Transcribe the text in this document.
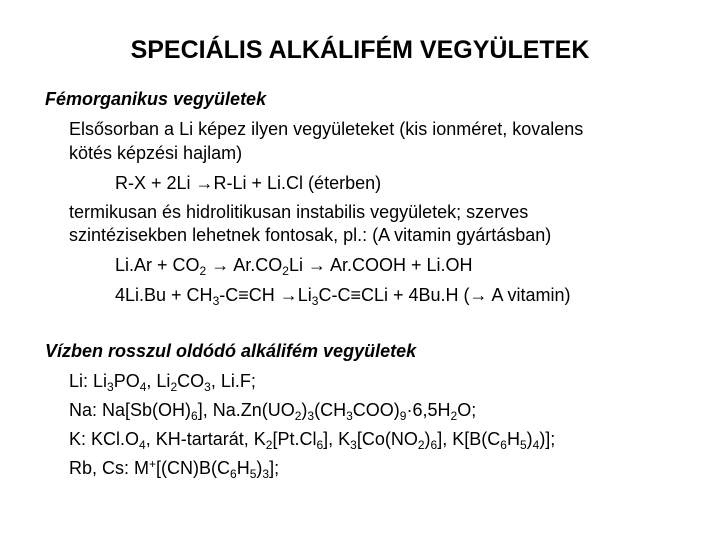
SPECIÁLIS ALKÁLIFÉM VEGYÜLETEK
Fémorganikus vegyületek
Elsősorban a Li képez ilyen vegyületeket (kis ionméret, kovalens
kötés képzési hajlam)
R-X + 2Li →R-Li + Li.Cl (éterben)
termikusan és hidrolitikusan instabilis vegyületek; szerves
szintézisekben lehetnek fontosak, pl.: (A vitamin gyártásban)
$Li.Ar + CO_2 \to Ar.CO_2Li$ → Ar.COOH + Li.OH
$4Li.Bu + CH_3-C\equiv CH \to Li_3C-C\equiv CLi + 4Bu.H$ (→ A vitamin)
Vízben rosszul oldódó alkálifém vegyületek
Li: $Li_3PO_4$, $Li_2CO_3$, Li.F;
Na: $Na[Sb(OH)_6]$, $Na.Zn(UO_2)_3(CH_3COO)_9\cdot 6,5H_2O$;
K: $KCl.O_4$, KH-tartarát, $K_2[Pt.Cl_6]$, $K_3[Co(NO_2)_6]$, $K[B(C_6H_5)_4)$];
Rb, Cs: $M^+[(CN)B(C_6H_5)_3]$;
